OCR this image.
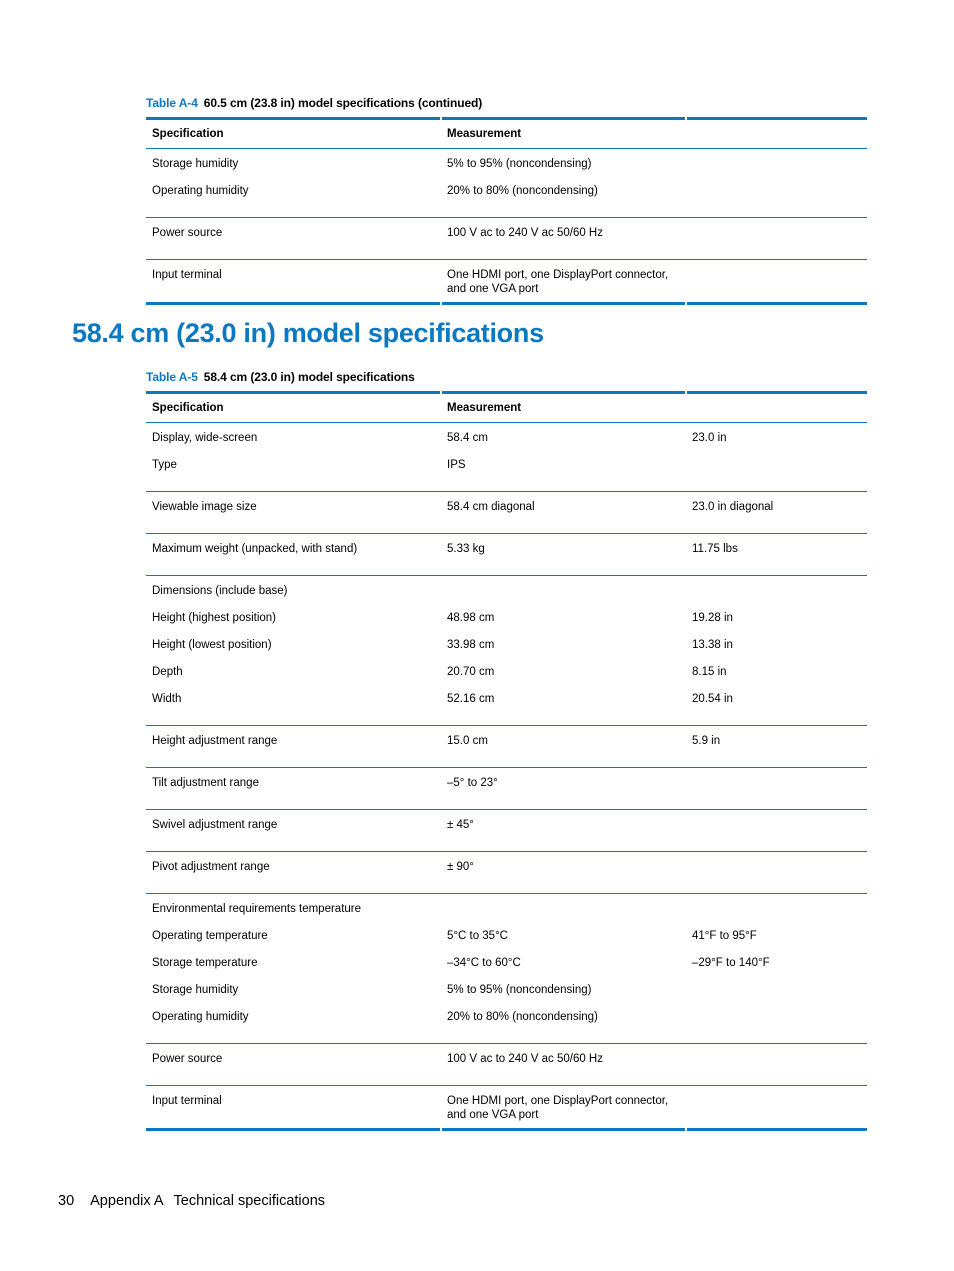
Table A-4 60.5 cm (23.8 in) model specifications (continued)
Specification	Measurement	
Storage humidity	5% to 95% (noncondensing)	
Operating humidity	20% to 80% (noncondensing)	
Power source	100 V ac to 240 V ac 50/60 Hz	
Input terminal	One HDMI port, one DisplayPort connector, and one VGA port	
58.4 cm (23.0 in) model specifications
Table A-5 58.4 cm (23.0 in) model specifications
Specification	Measurement	
Display, wide-screen	58.4 cm	23.0 in
Type	IPS	
Viewable image size	58.4 cm diagonal	23.0 in diagonal
Maximum weight (unpacked, with stand)	5.33 kg	11.75 lbs
Dimensions (include base)		
Height (highest position)	48.98 cm	19.28 in
Height (lowest position)	33.98 cm	13.38 in
Depth	20.70 cm	8.15 in
Width	52.16 cm	20.54 in
Height adjustment range	15.0 cm	5.9 in
Tilt adjustment range	–5° to 23°	
Swivel adjustment range	± 45°	
Pivot adjustment range	± 90°	
Environmental requirements temperature		
Operating temperature	5°C to 35°C	41°F to 95°F
Storage temperature	–34°C to 60°C	–29°F to 140°F
Storage humidity	5% to 95% (noncondensing)	
Operating humidity	20% to 80% (noncondensing)	
Power source	100 V ac to 240 V ac 50/60 Hz	
Input terminal	One HDMI port, one DisplayPort connector, and one VGA port	
30 Appendix A Technical specifications
